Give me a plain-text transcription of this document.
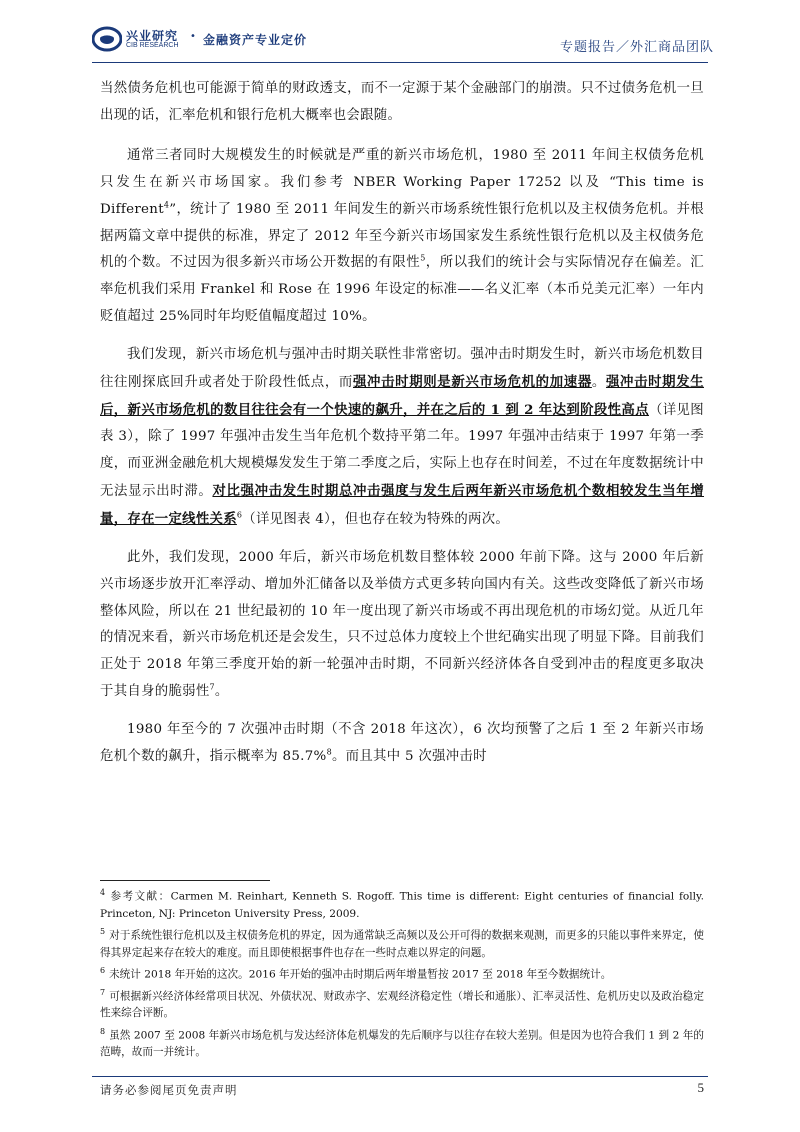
兴业研究
CIB RESEARCH
• 金融资产专业定价	专题报告／外汇商品团队

当然债务危机也可能源于简单的财政透支，而不一定源于某个金融部门的崩溃。只不过债务危机一旦出现的话，汇率危机和银行危机大概率也会跟随。

通常三者同时大规模发生的时候就是严重的新兴市场危机，1980 至 2011 年间主权债务危机只发生在新兴市场国家。我们参考 NBER Working Paper 17252 以及 “This time is Different$^4$”，统计了 1980 至 2011 年间发生的新兴市场系统性银行危机以及主权债务危机。并根据两篇文章中提供的标准，界定了 2012 年至今新兴市场国家发生系统性银行危机以及主权债务危机的个数。不过因为很多新兴市场公开数据的有限性$^5$，所以我们的统计会与实际情况存在偏差。汇率危机我们采用 Frankel 和 Rose 在 1996 年设定的标准——名义汇率（本币兑美元汇率）一年内贬值超过 25%同时年均贬值幅度超过 10%。

我们发现，新兴市场危机与强冲击时期关联性非常密切。强冲击时期发生时，新兴市场危机数目往往刚探底回升或者处于阶段性低点，而强冲击时期则是新兴市场危机的加速器。强冲击时期发生后，新兴市场危机的数目往往会有一个快速的飙升，并在之后的 1 到 2 年达到阶段性高点（详见图表 3），除了 1997 年强冲击发生当年危机个数持平第二年。1997 年强冲击结束于 1997 年第一季度，而亚洲金融危机大规模爆发发生于第二季度之后，实际上也存在时间差，不过在年度数据统计中无法显示出时滞。对比强冲击发生时期总冲击强度与发生后两年新兴市场危机个数相较发生当年增量，存在一定线性关系$^6$（详见图表 4），但也存在较为特殊的两次。

此外，我们发现，2000 年后，新兴市场危机数目整体较 2000 年前下降。这与 2000 年后新兴市场逐步放开汇率浮动、增加外汇储备以及举债方式更多转向国内有关。这些改变降低了新兴市场整体风险，所以在 21 世纪最初的 10 年一度出现了新兴市场或不再出现危机的市场幻觉。从近几年的情况来看，新兴市场危机还是会发生，只不过总体力度较上个世纪确实出现了明显下降。目前我们正处于 2018 年第三季度开始的新一轮强冲击时期，不同新兴经济体各自受到冲击的程度更多取决于其自身的脆弱性$^7$。

1980 年至今的 7 次强冲击时期（不含 2018 年这次），6 次均预警了之后 1 至 2 年新兴市场危机个数的飙升，指示概率为 85.7%$^8$。而且其中 5 次强冲击时

$^4$ 参考文献：Carmen M. Reinhart, Kenneth S. Rogoff. This time is different: Eight centuries of financial folly. Princeton, NJ: Princeton University Press, 2009.

$^5$ 对于系统性银行危机以及主权债务危机的界定，因为通常缺乏高频以及公开可得的数据来观测，而更多的只能以事件来界定，使得其界定起来存在较大的难度。而且即使根据事件也存在一些时点难以界定的问题。

$^6$ 未统计 2018 年开始的这次。2016 年开始的强冲击时期后两年增量暂按 2017 至 2018 年至今数据统计。

$^7$ 可根据新兴经济体经常项目状况、外债状况、财政赤字、宏观经济稳定性（增长和通胀）、汇率灵活性、危机历史以及政治稳定性来综合评断。

$^8$ 虽然 2007 至 2008 年新兴市场危机与发达经济体危机爆发的先后顺序与以往存在较大差别。但是因为也符合我们 1 到 2 年的范畴，故而一并统计。

请务必参阅尾页免责声明	5
